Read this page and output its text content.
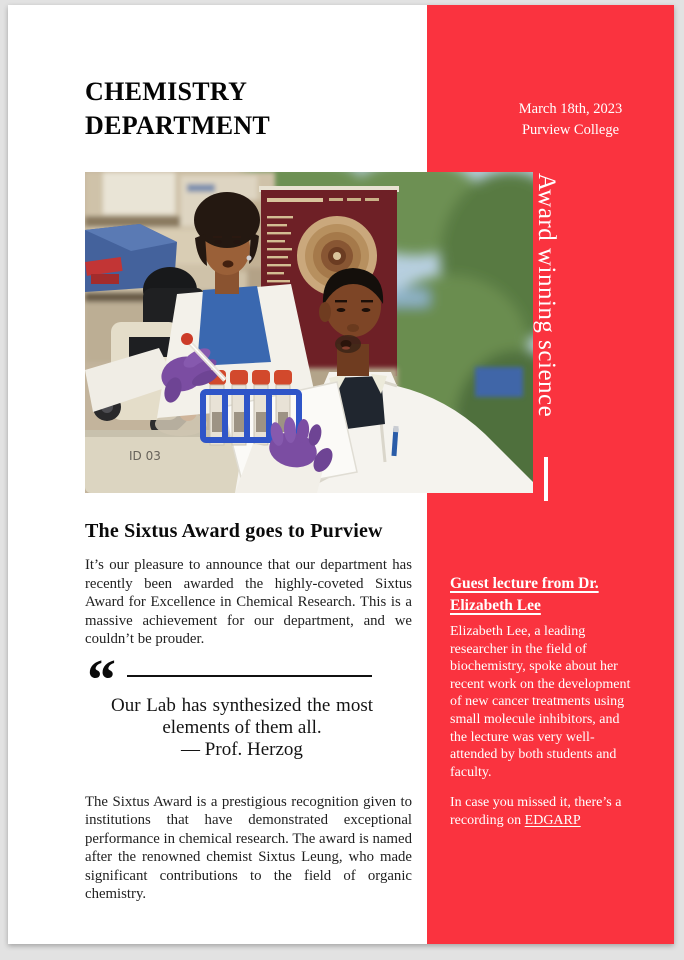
CHEMISTRY DEPARTMENT
March 18th, 2023
Purview College
ID 03
Award winning science
The Sixtus Award goes to Purview

It’s our pleasure to announce that our department has recently been awarded the highly-coveted Sixtus Award for Excellence in Chemical Research. This is a massive achievement for our department, and we couldn’t be prouder.

“

Our Lab has synthesized the most elements of them all.

— Prof. Herzog

The Sixtus Award is a prestigious recognition given to institutions that have demonstrated exceptional performance in chemical research. The award is named after the renowned chemist Sixtus Leung, who made significant contributions to the field of organic chemistry.

Guest lecture from Dr. Elizabeth Lee

Elizabeth Lee, a leading researcher in the field of biochemistry, spoke about her recent work on the development of new cancer treatments using small molecule inhibitors, and the lecture was very well-attended by both students and faculty.

In case you missed it, there’s a recording on EDGARP
